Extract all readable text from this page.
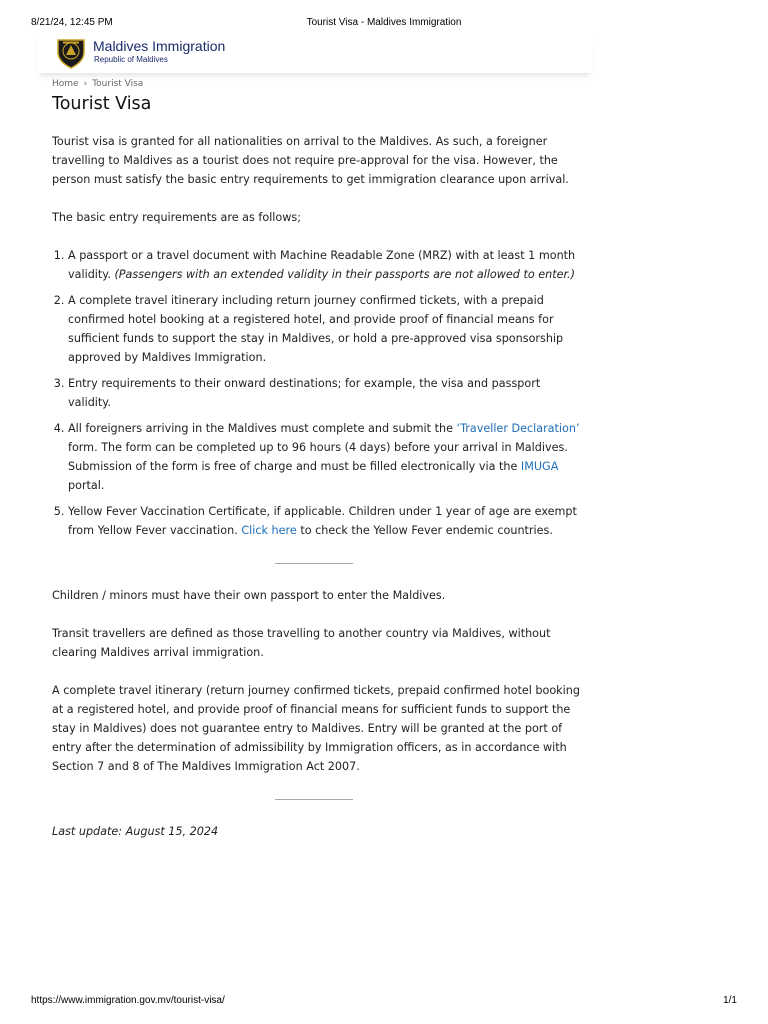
8/21/24, 12:45 PM	Tourist Visa - Maldives Immigration
Maldives Immigration
Republic of Maldives
Home › Tourist Visa
Tourist Visa

Tourist visa is granted for all nationalities on arrival to the Maldives. As such, a foreigner travelling to Maldives as a tourist does not require pre-approval for the visa. However, the person must satisfy the basic entry requirements to get immigration clearance upon arrival.

The basic entry requirements are as follows;

1. A passport or a travel document with Machine Readable Zone (MRZ) with at least 1 month validity. (Passengers with an extended validity in their passports are not allowed to enter.)
2. A complete travel itinerary including return journey confirmed tickets, with a prepaid confirmed hotel booking at a registered hotel, and provide proof of financial means for sufficient funds to support the stay in Maldives, or hold a pre-approved visa sponsorship approved by Maldives Immigration.
3. Entry requirements to their onward destinations; for example, the visa and passport validity.
4. All foreigners arriving in the Maldives must complete and submit the ‘Traveller Declaration’ form. The form can be completed up to 96 hours (4 days) before your arrival in Maldives. Submission of the form is free of charge and must be filled electronically via the IMUGA portal.
5. Yellow Fever Vaccination Certificate, if applicable. Children under 1 year of age are exempt from Yellow Fever vaccination. Click here to check the Yellow Fever endemic countries.

Children / minors must have their own passport to enter the Maldives.

Transit travellers are defined as those travelling to another country via Maldives, without clearing Maldives arrival immigration.

A complete travel itinerary (return journey confirmed tickets, prepaid confirmed hotel booking at a registered hotel, and provide proof of financial means for sufficient funds to support the stay in Maldives) does not guarantee entry to Maldives. Entry will be granted at the port of entry after the determination of admissibility by Immigration officers, as in accordance with Section 7 and 8 of The Maldives Immigration Act 2007.

Last update: August 15, 2024

https://www.immigration.gov.mv/tourist-visa/	1/1
